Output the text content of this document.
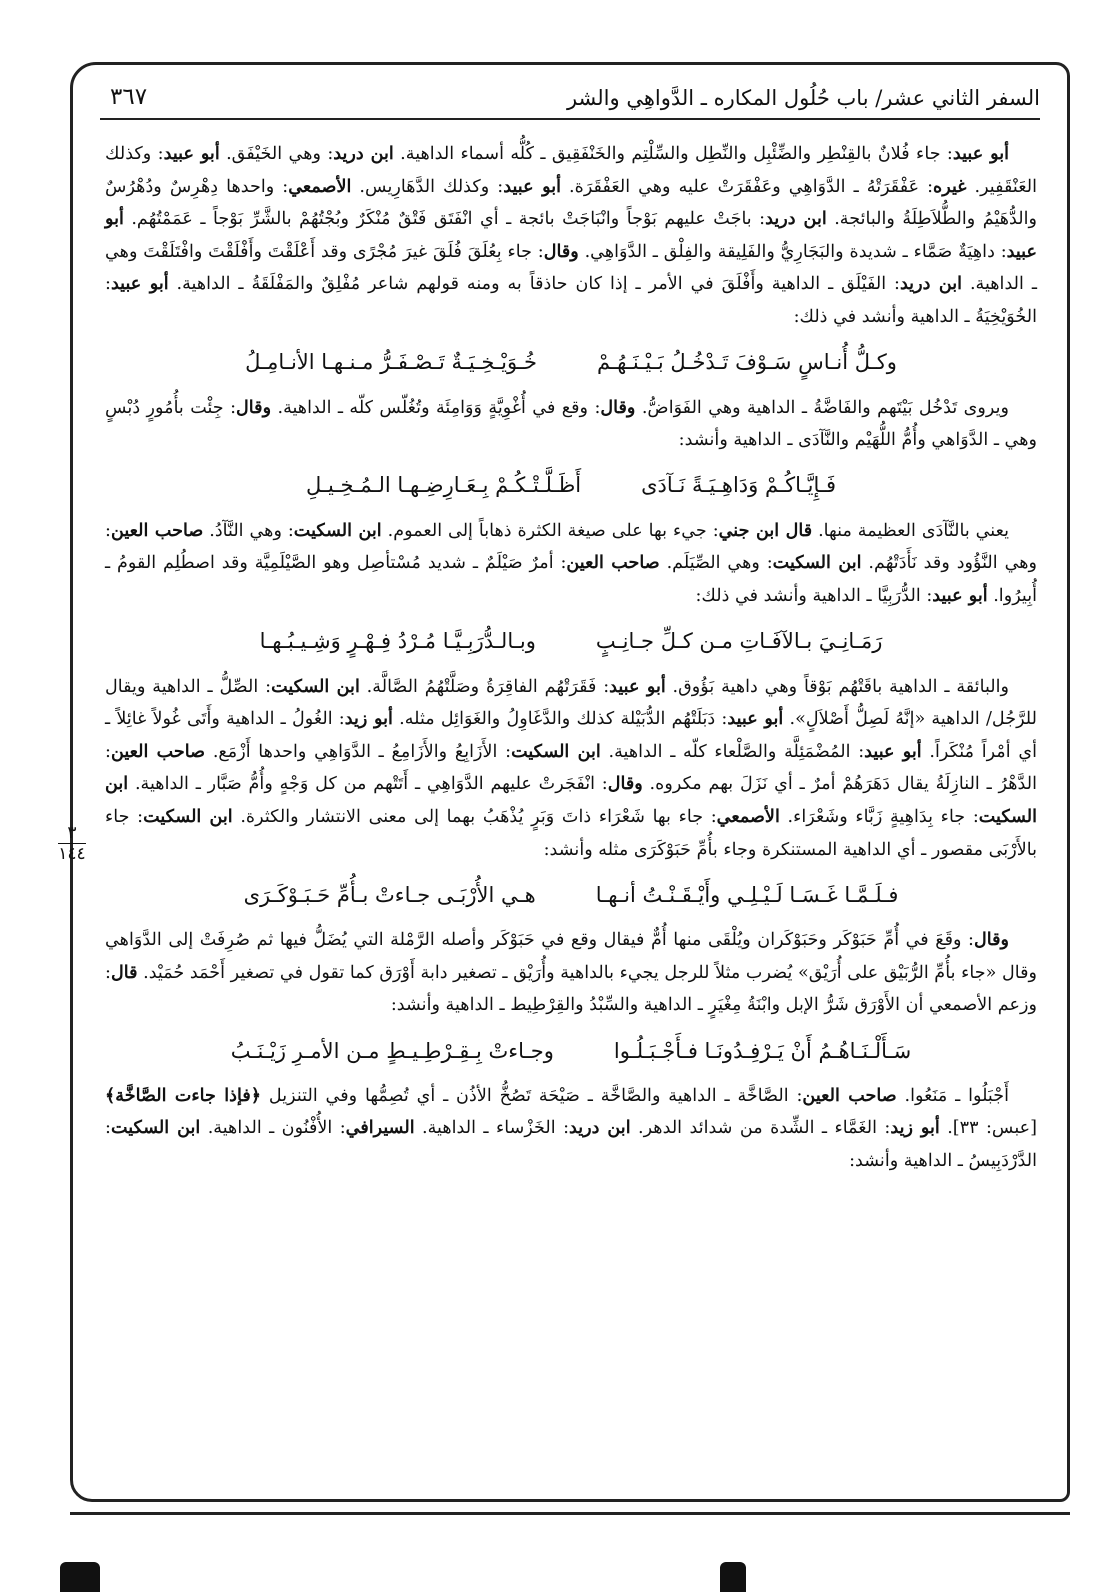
السفر الثاني عشر/ باب حُلُول المكاره ـ الدَّواهِي والشر
٣٦٧
٣
١٤٤

أبو عبيد: جاء فُلانٌ بالقِنْطِر والضِّئْبِل والنِّطِل والسِّلْتِم والخَنْفَقِيق ـ كُلُّه أسماء الداهية. ابن دريد: وهي الخَيْفَق. أبو عبيد: وكذلك العَنْقَفِير. غيره: عَفْقَرَتْهُ ـ الدَّوَاهِي وعَفْقَرَتْ عليه وهي العَفْقَرَة. أبو عبيد: وكذلك الدَّهَارِيس. الأصمعي: واحدها دِهْرِسٌ ودُهْرُسٌ والدُّهَيْمُ والطُّلاَطِلَةُ والبائجة. ابن دريد: باجَتْ عليهم بَوْجاً وانْبَاجَتْ بائجة ـ أي انْفَتَق فَتْقٌ مُنْكَرٌ وبُجْتُهُمْ بالشَّرِّ بَوْجاً ـ عَمَمْتُهُم. أبو عبيد: داهِيَةٌ صَمَّاء ـ شديدة والبَجَارِيُّ والفَلِيقة والفِلْق ـ الدَّوَاهِي. وقال: جاء بِعُلَقَ فُلَقَ غيرَ مُجْرًى وقد أَعْلَقْتَ وأَفْلَقْتَ وافْتَلَقْتَ وهي ـ الداهية. ابن دريد: الفَيْلَق ـ الداهية وأَفْلَقَ في الأمر ـ إذا كان حاذقاً به ومنه قولهم شاعر مُفْلِقٌ والمَفْلَقَةُ ـ الداهية. أبو عبيد: الخُوَيْخِيَةُ ـ الداهية وأنشد في ذلك:

وكـلُّ أُنـاسٍ سَـوْفَ تَـدْخُـلُ بَـيْـنَـهُـمْ
خُـوَيْـخِـيَـةٌ تَـصْـفَـرُّ مـنـهـا الأنـامِـلُ

ويروى تَدْخُل بَيْتَهم والفَاضَّةُ ـ الداهية وهي الفَوَاضُّ. وقال: وقع في أُغْوِيَّةٍ وَوَامِئَة وتُغُلّس كلّه ـ الداهية. وقال: جِئْت بأُمُورٍ دُبْسٍ وهي ـ الدَّوَاهي وأُمُّ اللُّهَيْم والنَّآدَى ـ الداهية وأنشد:

فَـإِيَّـاكُـمْ وَدَاهِـيَـةً نَـآدَى
أَظَـلَّـتْـكُـمْ بِـعَـارِضِـهـا الـمُـخِـيـلِ

يعني بالنَّآدَى العظيمة منها. قال ابن جني: جيء بها على صيغة الكثرة ذهاباً إلى العموم. ابن السكيت: وهي النَّآدُ. صاحب العين: وهي النَّؤُود وقد نَأَدَتْهُم. ابن السكيت: وهي الصِّيَلَم. صاحب العين: أمرٌ صَيْلَمٌ ـ شديد مُسْتأصِل وهو الصَّيْلَمِيَّة وقد اصطُلِم القومُ ـ أُبِيرُوا. أبو عبيد: الدُّرَبِيَّا ـ الداهية وأنشد في ذلك:

رَمَـانِـيَ بـالآفَـاتِ مـن كـلِّ جـانِـبٍ
وبـالـدُّرَبِـيَّـا مُـرْدُ فِـهْـرٍ وَشِـيـبُـهـا

والبائقة ـ الداهية باقَتْهُم بَوْقاً وهي داهية بَؤُوق. أبو عبيد: فَقَرَتْهُم الفاقِرَةُ وصَلَّتْهُمُ الصَّالَّة. ابن السكيت: الصِّلُّ ـ الداهية ويقال للرَّجُل/ الداهية «إنَّهُ لَصِلُّ أَصْلاَلٍ». أبو عبيد: دَبَلَتْهُم الدُّبَيْلة كذلك والدَّغَاوِلُ والغَوَائِل مثله. أبو زيد: الغُولُ ـ الداهية وأَتَى غُولاً غائِلاً ـ أي أمْراً مُنْكَراً. أبو عبيد: المُضْمَئِلَّة والصَّلْعاء كلّه ـ الداهية. ابن السكيت: الأَزَابِعُ والأَزَامِعُ ـ الدَّوَاهِي واحدها أَزْمَع. صاحب العين: الدَّهْرُ ـ النازِلَةُ يقال دَهَرَهُمْ أمرٌ ـ أي نَزَلَ بهم مكروه. وقال: انْفَجَرتْ عليهم الدَّوَاهِي ـ أَتَتْهم من كل وَجْهٍ وأُمُّ صَبَّار ـ الداهية. ابن السكيت: جاء بِدَاهِيةٍ زَبَّاء وشَعْرَاء. الأصمعي: جاء بها شَعْرَاء ذاتَ وَبَرٍ يُذْهَبُ بهما إلى معنى الانتشار والكثرة. ابن السكيت: جاء بالأَرْبَى مقصور ـ أي الداهية المستنكرة وجاء بأُمِّ حَبَوْكَرَى مثله وأنشد:

فـلَـمَّـا غَـسَـا لَـيْـلِـي وأَيْـقَـنْـتُ أنـهـا
هـي الأُرْبَـى جـاءتْ بـأُمِّ حَـبَـوْكَـرَى

وقال: وقَعَ في أُمِّ حَبَوْكَر وحَبَوْكَران ويُلْقَى منها أُمٌّ فيقال وقع في حَبَوْكَر وأصله الرَّمْلة التي يُضَلُّ فيها ثم صُرِفَتْ إلى الدَّوَاهي وقال «جاء بأُمِّ الرُّبَيْق على أُرَيْق» يُضرب مثلاً للرجل يجيء بالداهية وأُرَيْق ـ تصغير دابة أَوْرَق كما تقول في تصغير أَحْمَد حُمَيْد. قال: وزعم الأصمعي أن الأَوْرَق شَرُّ الإبل وابْنَةُ مِغْيَرٍ ـ الداهية والسِّبْدُ والقِرْطِيط ـ الداهية وأنشد:

سَـأَلْـنَـاهُـمُ أَنْ يَـرْفِـدُونَـا فـأَجْـبَـلُـوا
وجـاءتْ بِـقِـرْطِـيـطٍ مـن الأمـرِ زَيْـنَـبُ

أَجْبَلُوا ـ مَنَعُوا. صاحب العين: الصَّاخَّة ـ الداهية والصَّاخَّة ـ صَيْحَة تَصُخُّ الأذُن ـ أي تُصِمُّها وفي التنزيل ﴿فإذا جاءت الصَّاخَّة﴾ [عبس: ٣٣]. أبو زيد: الغَمَّاء ـ الشِّدة من شدائد الدهر. ابن دريد: الخَزْساء ـ الداهية. السيرافي: الأُفْنُون ـ الداهية. ابن السكيت: الدَّرْدَبِيسُ ـ الداهية وأنشد:
